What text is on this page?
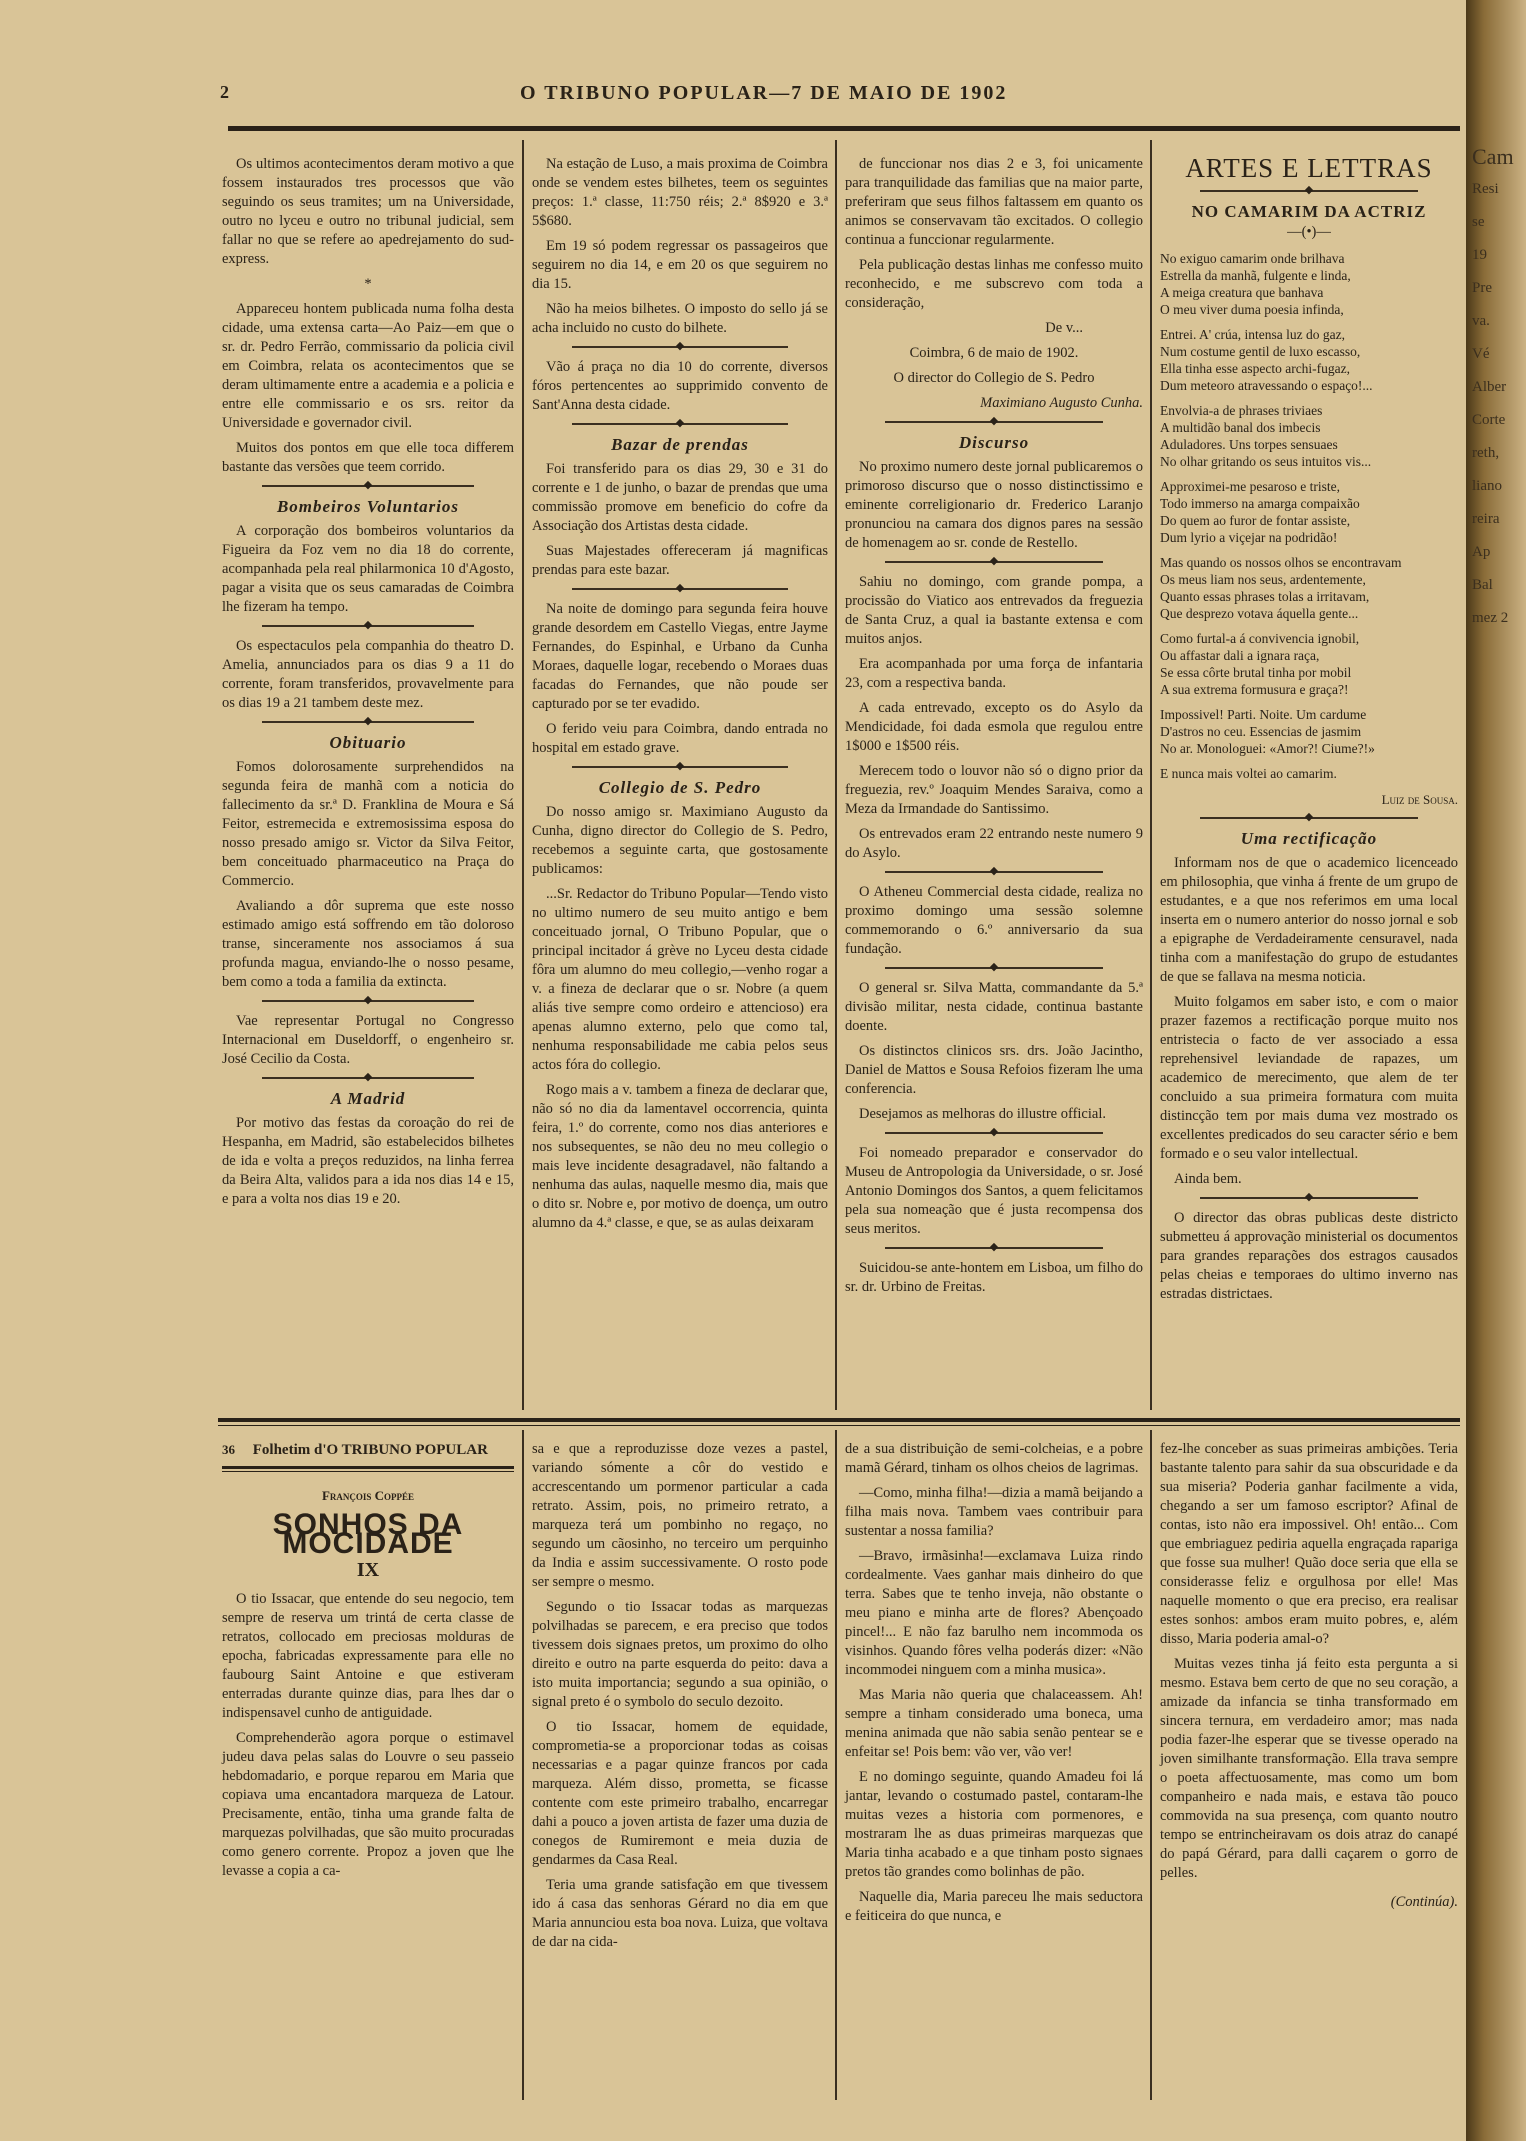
2	O TRIBUNO POPULAR—7 DE MAIO DE 1902

Os ultimos acontecimentos deram motivo a que fossem instaurados tres processos que vão seguindo os seus tramites; um na Universidade, outro no lyceu e outro no tribunal judicial, sem fallar no que se refere ao apedrejamento do sud-express.

*

Appareceu hontem publicada numa folha desta cidade, uma extensa carta—Ao Paiz—em que o sr. dr. Pedro Ferrão, commissario da policia civil em Coimbra, relata os acontecimentos que se deram ultimamente entre a academia e a policia e entre elle commissario e os srs. reitor da Universidade e governador civil.

Muitos dos pontos em que elle toca differem bastante das versões que teem corrido.

◆
Bombeiros Voluntarios

A corporação dos bombeiros voluntarios da Figueira da Foz vem no dia 18 do corrente, acompanhada pela real philarmonica 10 d'Agosto, pagar a visita que os seus camaradas de Coimbra lhe fizeram ha tempo.

◆

Os espectaculos pela companhia do theatro D. Amelia, annunciados para os dias 9 a 11 do corrente, foram transferidos, provavelmente para os dias 19 a 21 tambem deste mez.

◆
Obituario

Fomos dolorosamente surprehendidos na segunda feira de manhã com a noticia do fallecimento da sr.ª D. Franklina de Moura e Sá Feitor, estremecida e extremosissima esposa do nosso presado amigo sr. Victor da Silva Feitor, bem conceituado pharmaceutico na Praça do Commercio.

Avaliando a dôr suprema que este nosso estimado amigo está soffrendo em tão doloroso transe, sinceramente nos associamos á sua profunda magua, enviando-lhe o nosso pesame, bem como a toda a familia da extincta.

◆

Vae representar Portugal no Congresso Internacional em Duseldorff, o engenheiro sr. José Cecilio da Costa.

◆
A Madrid

Por motivo das festas da coroação do rei de Hespanha, em Madrid, são estabelecidos bilhetes de ida e volta a preços reduzidos, na linha ferrea da Beira Alta, validos para a ida nos dias 14 e 15, e para a volta nos dias 19 e 20.

Na estação de Luso, a mais proxima de Coimbra onde se vendem estes bilhetes, teem os seguintes preços: 1.ª classe, 11:750 réis; 2.ª 8$920 e 3.ª 5$680.

Em 19 só podem regressar os passageiros que seguirem no dia 14, e em 20 os que seguirem no dia 15.

Não ha meios bilhetes. O imposto do sello já se acha incluido no custo do bilhete.

◆

Vão á praça no dia 10 do corrente, diversos fóros pertencentes ao supprimido convento de Sant'Anna desta cidade.

◆
Bazar de prendas

Foi transferido para os dias 29, 30 e 31 do corrente e 1 de junho, o bazar de prendas que uma commissão promove em beneficio do cofre da Associação dos Artistas desta cidade.

Suas Majestades offereceram já magnificas prendas para este bazar.

◆

Na noite de domingo para segunda feira houve grande desordem em Castello Viegas, entre Jayme Fernandes, do Espinhal, e Urbano da Cunha Moraes, daquelle logar, recebendo o Moraes duas facadas do Fernandes, que não poude ser capturado por se ter evadido.

O ferido veiu para Coimbra, dando entrada no hospital em estado grave.

◆
Collegio de S. Pedro

Do nosso amigo sr. Maximiano Augusto da Cunha, digno director do Collegio de S. Pedro, recebemos a seguinte carta, que gostosamente publicamos:

...Sr. Redactor do Tribuno Popular—Tendo visto no ultimo numero de seu muito antigo e bem conceituado jornal, O Tribuno Popular, que o principal incitador á grève no Lyceu desta cidade fôra um alumno do meu collegio,—venho rogar a v. a fineza de declarar que o sr. Nobre (a quem aliás tive sempre como ordeiro e attencioso) era apenas alumno externo, pelo que como tal, nenhuma responsabilidade me cabia pelos seus actos fóra do collegio.

Rogo mais a v. tambem a fineza de declarar que, não só no dia da lamentavel occorrencia, quinta feira, 1.º do corrente, como nos dias anteriores e nos subsequentes, se não deu no meu collegio o mais leve incidente desagradavel, não faltando a nenhuma das aulas, naquelle mesmo dia, mais que o dito sr. Nobre e, por motivo de doença, um outro alumno da 4.ª classe, e que, se as aulas deixaram

de funccionar nos dias 2 e 3, foi unicamente para tranquilidade das familias que na maior parte, preferiram que seus filhos faltassem em quanto os animos se conservavam tão excitados. O collegio continua a funccionar regularmente.

Pela publicação destas linhas me confesso muito reconhecido, e me subscrevo com toda a consideração,

De v...

Coimbra, 6 de maio de 1902.

O director do Collegio de S. Pedro

Maximiano Augusto Cunha.

◆
Discurso

No proximo numero deste jornal publicaremos o primoroso discurso que o nosso distinctissimo e eminente correligionario dr. Frederico Laranjo pronunciou na camara dos dignos pares na sessão de homenagem ao sr. conde de Restello.

◆

Sahiu no domingo, com grande pompa, a procissão do Viatico aos entrevados da freguezia de Santa Cruz, a qual ia bastante extensa e com muitos anjos.

Era acompanhada por uma força de infantaria 23, com a respectiva banda.

A cada entrevado, excepto os do Asylo da Mendicidade, foi dada esmola que regulou entre 1$000 e 1$500 réis.

Merecem todo o louvor não só o digno prior da freguezia, rev.º Joaquim Mendes Saraiva, como a Meza da Irmandade do Santissimo.

Os entrevados eram 22 entrando neste numero 9 do Asylo.

◆

O Atheneu Commercial desta cidade, realiza no proximo domingo uma sessão solemne commemorando o 6.º anniversario da sua fundação.

◆

O general sr. Silva Matta, commandante da 5.ª divisão militar, nesta cidade, continua bastante doente.

Os distinctos clinicos srs. drs. João Jacintho, Daniel de Mattos e Sousa Refoios fizeram lhe uma conferencia.

Desejamos as melhoras do illustre official.

◆

Foi nomeado preparador e conservador do Museu de Antropologia da Universidade, o sr. José Antonio Domingos dos Santos, a quem felicitamos pela sua nomeação que é justa recompensa dos seus meritos.

◆

Suicidou-se ante-hontem em Lisboa, um filho do sr. dr. Urbino de Freitas.

ARTES E LETTRAS
◆
NO CAMARIM DA ACTRIZ
—(•)—

No exiguo camarim onde brilhava
Estrella da manhã, fulgente e linda,
A meiga creatura que banhava
O meu viver duma poesia infinda,

Entrei. A' crúa, intensa luz do gaz,
Num costume gentil de luxo escasso,
Ella tinha esse aspecto archi-fugaz,
Dum meteoro atravessando o espaço!...

Envolvia-a de phrases triviaes
A multidão banal dos imbecis
Aduladores. Uns torpes sensuaes
No olhar gritando os seus intuitos vis...

Approximei-me pesaroso e triste,
Todo immerso na amarga compaixão
Do quem ao furor de fontar assiste,
Dum lyrio a viçejar na podridão!

Mas quando os nossos olhos se encontravam
Os meus liam nos seus, ardentemente,
Quanto essas phrases tolas a irritavam,
Que desprezo votava áquella gente...

Como furtal-a á convivencia ignobil,
Ou affastar dali a ignara raça,
Se essa côrte brutal tinha por mobil
A sua extrema formusura e graça?!

Impossivel! Parti. Noite. Um cardume
D'astros no ceu. Essencias de jasmim
No ar. Monologuei: «Amor?! Ciume?!»

E nunca mais voltei ao camarim.

Luiz de Sousa.

◆
Uma rectificação

Informam nos de que o academico licenceado em philosophia, que vinha á frente de um grupo de estudantes, e a que nos referimos em uma local inserta em o numero anterior do nosso jornal e sob a epigraphe de Verdadeiramente censuravel, nada tinha com a manifestação do grupo de estudantes de que se fallava na mesma noticia.

Muito folgamos em saber isto, e com o maior prazer fazemos a rectificação porque muito nos entristecia o facto de ver associado a essa reprehensivel leviandade de rapazes, um academico de merecimento, que alem de ter concluido a sua primeira formatura com muita distincção tem por mais duma vez mostrado os excellentes predicados do seu caracter sério e bem formado e o seu valor intellectual.

Ainda bem.

◆

O director das obras publicas deste districto submetteu á approvação ministerial os documentos para grandes reparações dos estragos causados pelas cheias e temporaes do ultimo inverno nas estradas districtaes.

36 Folhetim d'O TRIBUNO POPULAR
François Coppée
SONHOS DA MOCIDADE
IX

O tio Issacar, que entende do seu negocio, tem sempre de reserva um trintá de certa classe de retratos, collocado em preciosas molduras de epocha, fabricadas expressamente para elle no faubourg Saint Antoine e que estiveram enterradas durante quinze dias, para lhes dar o indispensavel cunho de antiguidade.

Comprehenderão agora porque o estimavel judeu dava pelas salas do Louvre o seu passeio hebdomadario, e porque reparou em Maria que copiava uma encantadora marqueza de Latour. Precisamente, então, tinha uma grande falta de marquezas polvilhadas, que são muito procuradas como genero corrente. Propoz a joven que lhe levasse a copia a ca-

sa e que a reproduzisse doze vezes a pastel, variando sómente a côr do vestido e accrescentando um pormenor particular a cada retrato. Assim, pois, no primeiro retrato, a marqueza terá um pombinho no regaço, no segundo um cãosinho, no terceiro um perquinho da India e assim successivamente. O rosto pode ser sempre o mesmo.

Segundo o tio Issacar todas as marquezas polvilhadas se parecem, e era preciso que todos tivessem dois signaes pretos, um proximo do olho direito e outro na parte esquerda do peito: dava a isto muita importancia; segundo a sua opinião, o signal preto é o symbolo do seculo dezoito.

O tio Issacar, homem de equidade, comprometia-se a proporcionar todas as coisas necessarias e a pagar quinze francos por cada marqueza. Além disso, prometta, se ficasse contente com este primeiro trabalho, encarregar dahi a pouco a joven artista de fazer uma duzia de conegos de Rumiremont e meia duzia de gendarmes da Casa Real.

Teria uma grande satisfação em que tivessem ido á casa das senhoras Gérard no dia em que Maria annunciou esta boa nova. Luiza, que voltava de dar na cida-

de a sua distribuição de semi-colcheias, e a pobre mamã Gérard, tinham os olhos cheios de lagrimas.

—Como, minha filha!—dizia a mamã beijando a filha mais nova. Tambem vaes contribuir para sustentar a nossa familia?

—Bravo, irmãsinha!—exclamava Luiza rindo cordealmente. Vaes ganhar mais dinheiro do que terra. Sabes que te tenho inveja, não obstante o meu piano e minha arte de flores? Abençoado pincel!... E não faz barulho nem incommoda os visinhos. Quando fôres velha poderás dizer: «Não incommodei ninguem com a minha musica».

Mas Maria não queria que chalaceassem. Ah! sempre a tinham considerado uma boneca, uma menina animada que não sabia senão pentear se e enfeitar se! Pois bem: vão ver, vão ver!

E no domingo seguinte, quando Amadeu foi lá jantar, levando o costumado pastel, contaram-lhe muitas vezes a historia com pormenores, e mostraram lhe as duas primeiras marquezas que Maria tinha acabado e a que tinham posto signaes pretos tão grandes como bolinhas de pão.

Naquelle dia, Maria pareceu lhe mais seductora e feiticeira do que nunca, e

fez-lhe conceber as suas primeiras ambições. Teria bastante talento para sahir da sua obscuridade e da sua miseria? Poderia ganhar facilmente a vida, chegando a ser um famoso escriptor? Afinal de contas, isto não era impossivel. Oh! então... Com que embriaguez pediria aquella engraçada rapariga que fosse sua mulher! Quão doce seria que ella se considerasse feliz e orgulhosa por elle! Mas naquelle momento o que era preciso, era realisar estes sonhos: ambos eram muito pobres, e, além disso, Maria poderia amal-o?

Muitas vezes tinha já feito esta pergunta a si mesmo. Estava bem certo de que no seu coração, a amizade da infancia se tinha transformado em sincera ternura, em verdadeiro amor; mas nada podia fazer-lhe esperar que se tivesse operado na joven similhante transformação. Ella trava sempre o poeta affectuosamente, mas como um bom companheiro e nada mais, e estava tão pouco commovida na sua presença, com quanto noutro tempo se entrincheiravam os dois atraz do canapé do papá Gérard, para dalli caçarem o gorro de pelles.

(Continúa).
Cam
Resi
se
19
Pre
va.
Vé
Alber
Corte
reth,
liano
reira
Ap
Bal
mez 2
